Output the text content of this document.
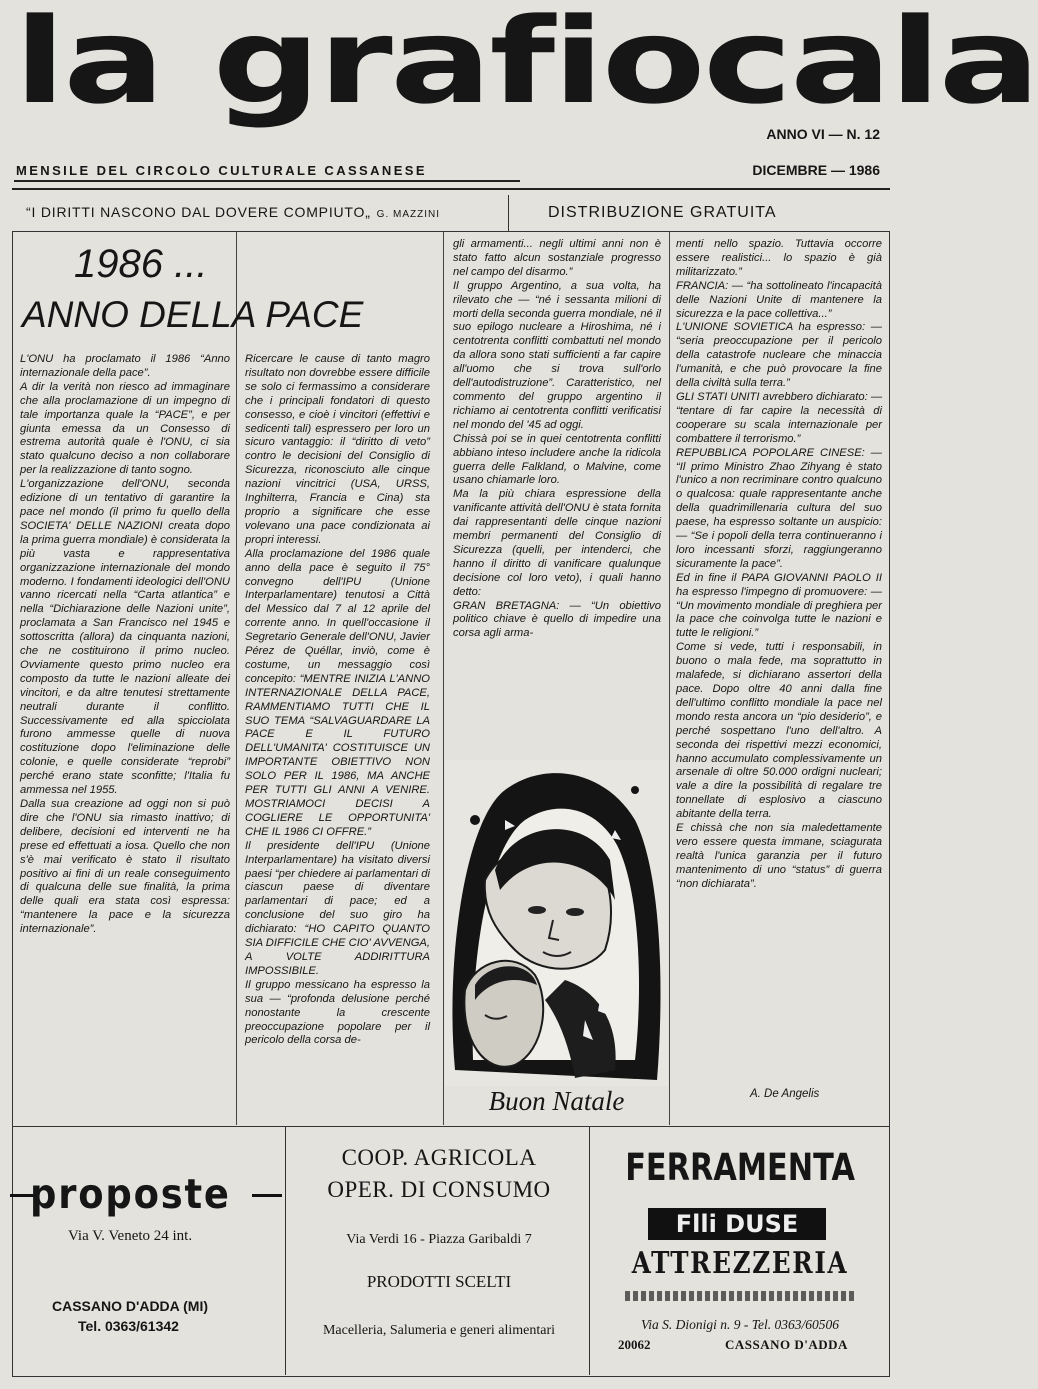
la grafiocala
ANNO VI — N. 12
MENSILE DEL CIRCOLO CULTURALE CASSANESE	DICEMBRE — 1986
“I DIRITTI NASCONO DAL DOVERE COMPIUTO„ G. MAZZINI	DISTRIBUZIONE GRATUITA
1986 ...
ANNO DELLA PACE

L'ONU ha proclamato il 1986 “Anno internazionale della pace”.

A dir la verità non riesco ad immaginare che alla proclamazione di un impegno di tale importanza quale la “PACE”, e per giunta emessa da un Consesso di estrema autorità quale è l'ONU, ci sia stato qualcuno deciso a non collaborare per la realizzazione di tanto sogno.

L'organizzazione dell'ONU, seconda edizione di un tentativo di garantire la pace nel mondo (il primo fu quello della SOCIETA' DELLE NAZIONI creata dopo la prima guerra mondiale) è considerata la più vasta e rappresentativa organizzazione internazionale del mondo moderno. I fondamenti ideologici dell'ONU vanno ricercati nella “Carta atlantica” e nella “Dichiarazione delle Nazioni unite”, proclamata a San Francisco nel 1945 e sottoscritta (allora) da cinquanta nazioni, che ne costituirono il primo nucleo. Ovviamente questo primo nucleo era composto da tutte le nazioni alleate dei vincitori, e da altre tenutesi strettamente neutrali durante il conflitto. Successivamente ed alla spicciolata furono ammesse quelle di nuova costituzione dopo l'eliminazione delle colonie, e quelle considerate “reprobi” perché erano state sconfitte; l'Italia fu ammessa nel 1955.

Dalla sua creazione ad oggi non si può dire che l'ONU sia rimasto inattivo; di delibere, decisioni ed interventi ne ha prese ed effettuati a iosa. Quello che non s'è mai verificato è stato il risultato positivo ai fini di un reale conseguimento di qualcuna delle sue finalità, la prima delle quali era stata così espressa: “mantenere la pace e la sicurezza internazionale”.

Ricercare le cause di tanto magro risultato non dovrebbe essere difficile se solo ci fermassimo a considerare che i principali fondatori di questo consesso, e cioè i vincitori (effettivi e sedicenti tali) espressero per loro un sicuro vantaggio: il “diritto di veto” contro le decisioni del Consiglio di Sicurezza, riconosciuto alle cinque nazioni vincitrici (USA, URSS, Inghilterra, Francia e Cina) sta proprio a significare che esse volevano una pace condizionata ai propri interessi.

Alla proclamazione del 1986 quale anno della pace è seguito il 75° convegno dell'IPU (Unione Interparlamentare) tenutosi a Città del Messico dal 7 al 12 aprile del corrente anno. In quell'occasione il Segretario Generale dell'ONU, Javier Pérez de Quéllar, inviò, come è costume, un messaggio così concepito: “MENTRE INIZIA L'ANNO INTERNAZIONALE DELLA PACE, RAMMENTIAMO TUTTI CHE IL SUO TEMA “SALVAGUARDARE LA PACE E IL FUTURO DELL'UMANITA' COSTITUISCE UN IMPORTANTE OBIETTIVO NON SOLO PER IL 1986, MA ANCHE PER TUTTI GLI ANNI A VENIRE. MOSTRIAMOCI DECISI A COGLIERE LE OPPORTUNITA' CHE IL 1986 CI OFFRE.”

Il presidente dell'IPU (Unione Interparlamentare) ha visitato diversi paesi “per chiedere ai parlamentari di ciascun paese di diventare parlamentari di pace; ed a conclusione del suo giro ha dichiarato: “HO CAPITO QUANTO SIA DIFFICILE CHE CIO' AVVENGA, A VOLTE ADDIRITTURA IMPOSSIBILE.

Il gruppo messicano ha espresso la sua — “profonda delusione perché nonostante la crescente preoccupazione popolare per il pericolo della corsa de-

gli armamenti... negli ultimi anni non è stato fatto alcun sostanziale progresso nel campo del disarmo.”

Il gruppo Argentino, a sua volta, ha rilevato che — “né i sessanta milioni di morti della seconda guerra mondiale, né il suo epilogo nucleare a Hiroshima, né i centotrenta conflitti combattuti nel mondo da allora sono stati sufficienti a far capire all'uomo che si trova sull'orlo dell'autodistruzione”. Caratteristico, nel commento del gruppo argentino il richiamo ai centotrenta conflitti verificatisi nel mondo del '45 ad oggi.

Chissà poi se in quei centotrenta conflitti abbiano inteso includere anche la ridicola guerra delle Falkland, o Malvine, come usano chiamarle loro.

Ma la più chiara espressione della vanificante attività dell'ONU è stata fornita dai rappresentanti delle cinque nazioni membri permanenti del Consiglio di Sicurezza (quelli, per intenderci, che hanno il diritto di vanificare qualunque decisione col loro veto), i quali hanno detto:

GRAN BRETAGNA: — “Un obiettivo politico chiave è quello di impedire una corsa agli arma-

Buon Natale

menti nello spazio. Tuttavia occorre essere realistici... lo spazio è già militarizzato.”

FRANCIA: — “ha sottolineato l'incapacità delle Nazioni Unite di mantenere la sicurezza e la pace collettiva...”

L'UNIONE SOVIETICA ha espresso: — “seria preoccupazione per il pericolo della catastrofe nucleare che minaccia l'umanità, e che può provocare la fine della civiltà sulla terra.”

GLI STATI UNITI avrebbero dichiarato: — “tentare di far capire la necessità di cooperare su scala internazionale per combattere il terrorismo.”

REPUBBLICA POPOLARE CINESE: — “Il primo Ministro Zhao Zihyang è stato l'unico a non recriminare contro qualcuno o qualcosa: quale rappresentante anche della quadrimillenaria cultura del suo paese, ha espresso soltante un auspicio: — “Se i popoli della terra continueranno i loro incessanti sforzi, raggiungeranno sicuramente la pace”.

Ed in fine il PAPA GIOVANNI PAOLO II ha espresso l'impegno di promuovere: — “Un movimento mondiale di preghiera per la pace che coinvolga tutte le nazioni e tutte le religioni.”

Come si vede, tutti i responsabili, in buono o mala fede, ma soprattutto in malafede, si dichiarano assertori della pace. Dopo oltre 40 anni dalla fine dell'ultimo conflitto mondiale la pace nel mondo resta ancora un “pio desiderio”, e perché sospettano l'uno dell'altro. A seconda dei rispettivi mezzi economici, hanno accumulato complessivamente un arsenale di oltre 50.000 ordigni nucleari; vale a dire la possibilità di regalare tre tonnellate di esplosivo a ciascuno abitante della terra.

E chissà che non sia maledettamente vero essere questa immane, sciagurata realtà l'unica garanzia per il futuro mantenimento di uno “status” di guerra “non dichiarata”.

A. De Angelis
proposte
Via V. Veneto 24 int.
CASSANO D'ADDA (MI)
Tel. 0363/61342
COOP. AGRICOLA
OPER. DI CONSUMO
Via Verdi 16 - Piazza Garibaldi 7
PRODOTTI SCELTI
Macelleria, Salumeria e generi alimentari
FERRAMENTA
Flli DUSE
ATTREZZERIA
Via S. Dionigi n. 9 - Tel. 0363/60506
20062	CASSANO D'ADDA
